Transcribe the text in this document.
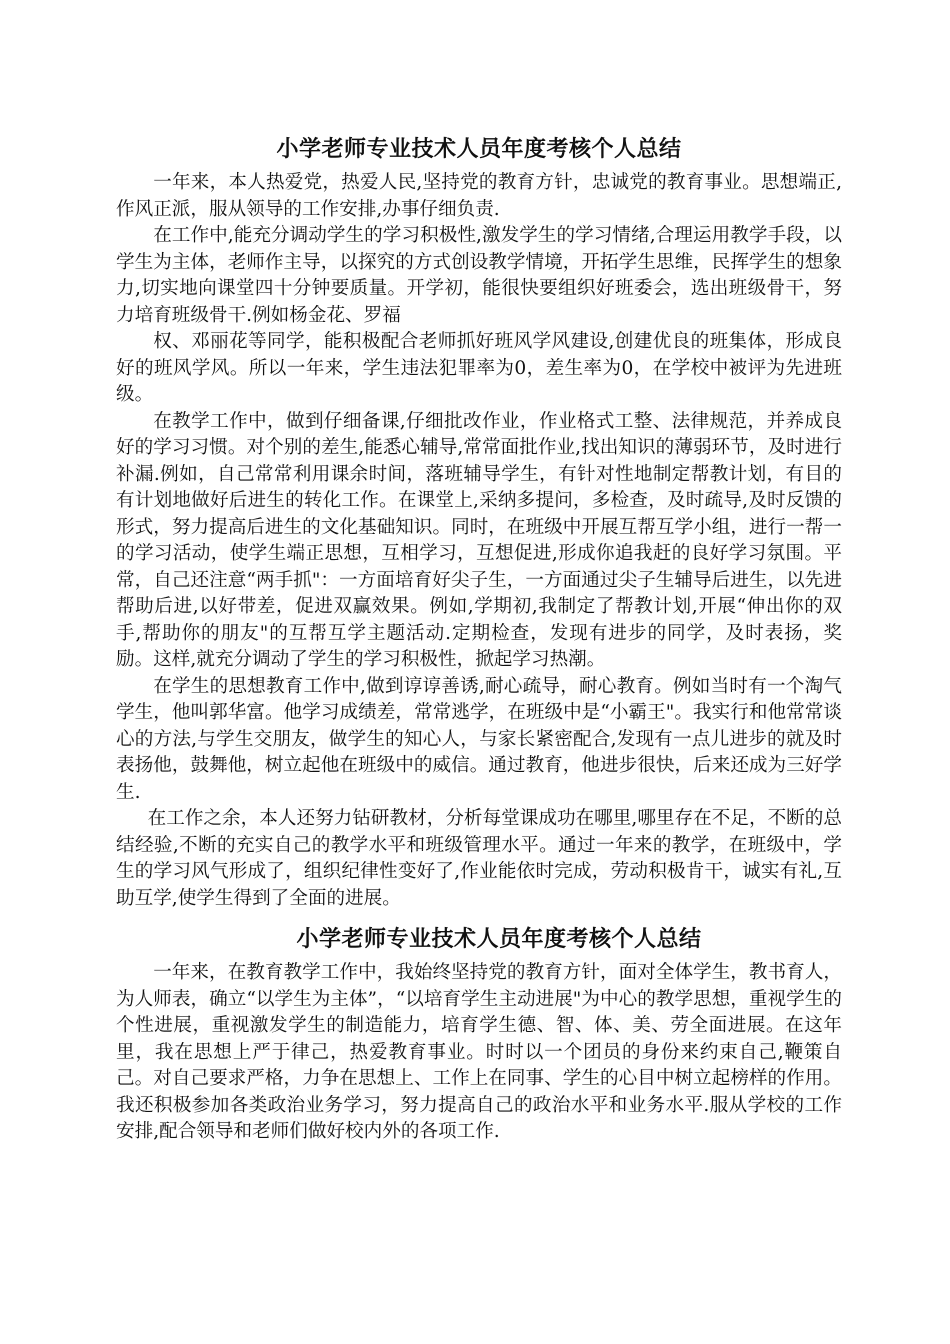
小学老师专业技术人员年度考核个人总结

一年来，本人热爱党，热爱人民,坚持党的教育方针，忠诚党的教育事业。思想端正,作风正派，服从领导的工作安排,办事仔细负责.

在工作中,能充分调动学生的学习积极性,激发学生的学习情绪,合理运用教学手段，以学生为主体，老师作主导，以探究的方式创设教学情境，开拓学生思维，民挥学生的想象力,切实地向课堂四十分钟要质量。开学初，能很快要组织好班委会，选出班级骨干，努力培育班级骨干.例如杨金花、罗福

权、邓丽花等同学，能积极配合老师抓好班风学风建设,创建优良的班集体，形成良好的班风学风。所以一年来，学生违法犯罪率为0，差生率为0，在学校中被评为先进班级。

在教学工作中，做到仔细备课,仔细批改作业，作业格式工整、法律规范，并养成良好的学习习惯。对个别的差生,能悉心辅导,常常面批作业,找出知识的薄弱环节，及时进行补漏.例如，自己常常利用课余时间，落班辅导学生，有针对性地制定帮教计划，有目的有计划地做好后进生的转化工作。在课堂上,采纳多提问，多检查，及时疏导,及时反馈的形式，努力提高后进生的文化基础知识。同时，在班级中开展互帮互学小组，进行一帮一的学习活动，使学生端正思想，互相学习，互想促进,形成你追我赶的良好学习氛围。平常，自己还注意“两手抓"：一方面培育好尖子生，一方面通过尖子生辅导后进生，以先进帮助后进,以好带差，促进双赢效果。例如,学期初,我制定了帮教计划,开展“伸出你的双手,帮助你的朋友"的互帮互学主题活动.定期检查，发现有进步的同学，及时表扬，奖励。这样,就充分调动了学生的学习积极性，掀起学习热潮。

在学生的思想教育工作中,做到谆谆善诱,耐心疏导，耐心教育。例如当时有一个淘气学生，他叫郭华富。他学习成绩差，常常逃学，在班级中是“小霸王"。我实行和他常常谈心的方法,与学生交朋友，做学生的知心人，与家长紧密配合,发现有一点儿进步的就及时表扬他，鼓舞他，树立起他在班级中的威信。通过教育，他进步很快，后来还成为三好学生.

在工作之余，本人还努力钻研教材，分析每堂课成功在哪里,哪里存在不足，不断的总结经验,不断的充实自己的教学水平和班级管理水平。通过一年来的教学，在班级中，学生的学习风气形成了，组织纪律性变好了,作业能依时完成，劳动积极肯干，诚实有礼,互助互学,使学生得到了全面的进展。

小学老师专业技术人员年度考核个人总结

一年来，在教育教学工作中，我始终坚持党的教育方针，面对全体学生，教书育人，为人师表，确立“以学生为主体”，“以培育学生主动进展"为中心的教学思想，重视学生的个性进展，重视激发学生的制造能力，培育学生德、智、体、美、劳全面进展。在这年里，我在思想上严于律己，热爱教育事业。时时以一个团员的身份来约束自己,鞭策自己。对自己要求严格，力争在思想上、工作上在同事、学生的心目中树立起榜样的作用。我还积极参加各类政治业务学习，努力提高自己的政治水平和业务水平.服从学校的工作安排,配合领导和老师们做好校内外的各项工作.
